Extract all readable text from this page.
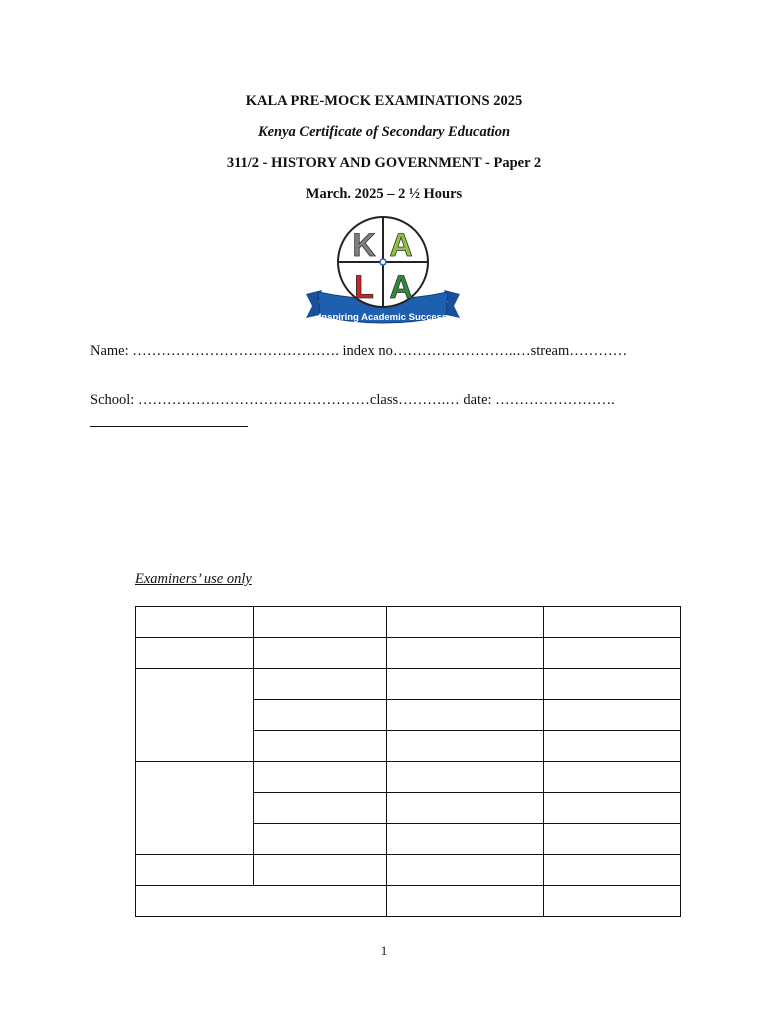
KALA PRE-MOCK EXAMINATIONS 2025
Kenya Certificate of Secondary Education
311/2 - HISTORY AND GOVERNMENT - Paper 2
March. 2025 – 2 ½ Hours
Inspiring Academic Success
K A
L A
Name: ……………………………………. index no……………………..…stream…………
School: …………………………………………class……….… date: …………………….
Examiners’ use only

1
